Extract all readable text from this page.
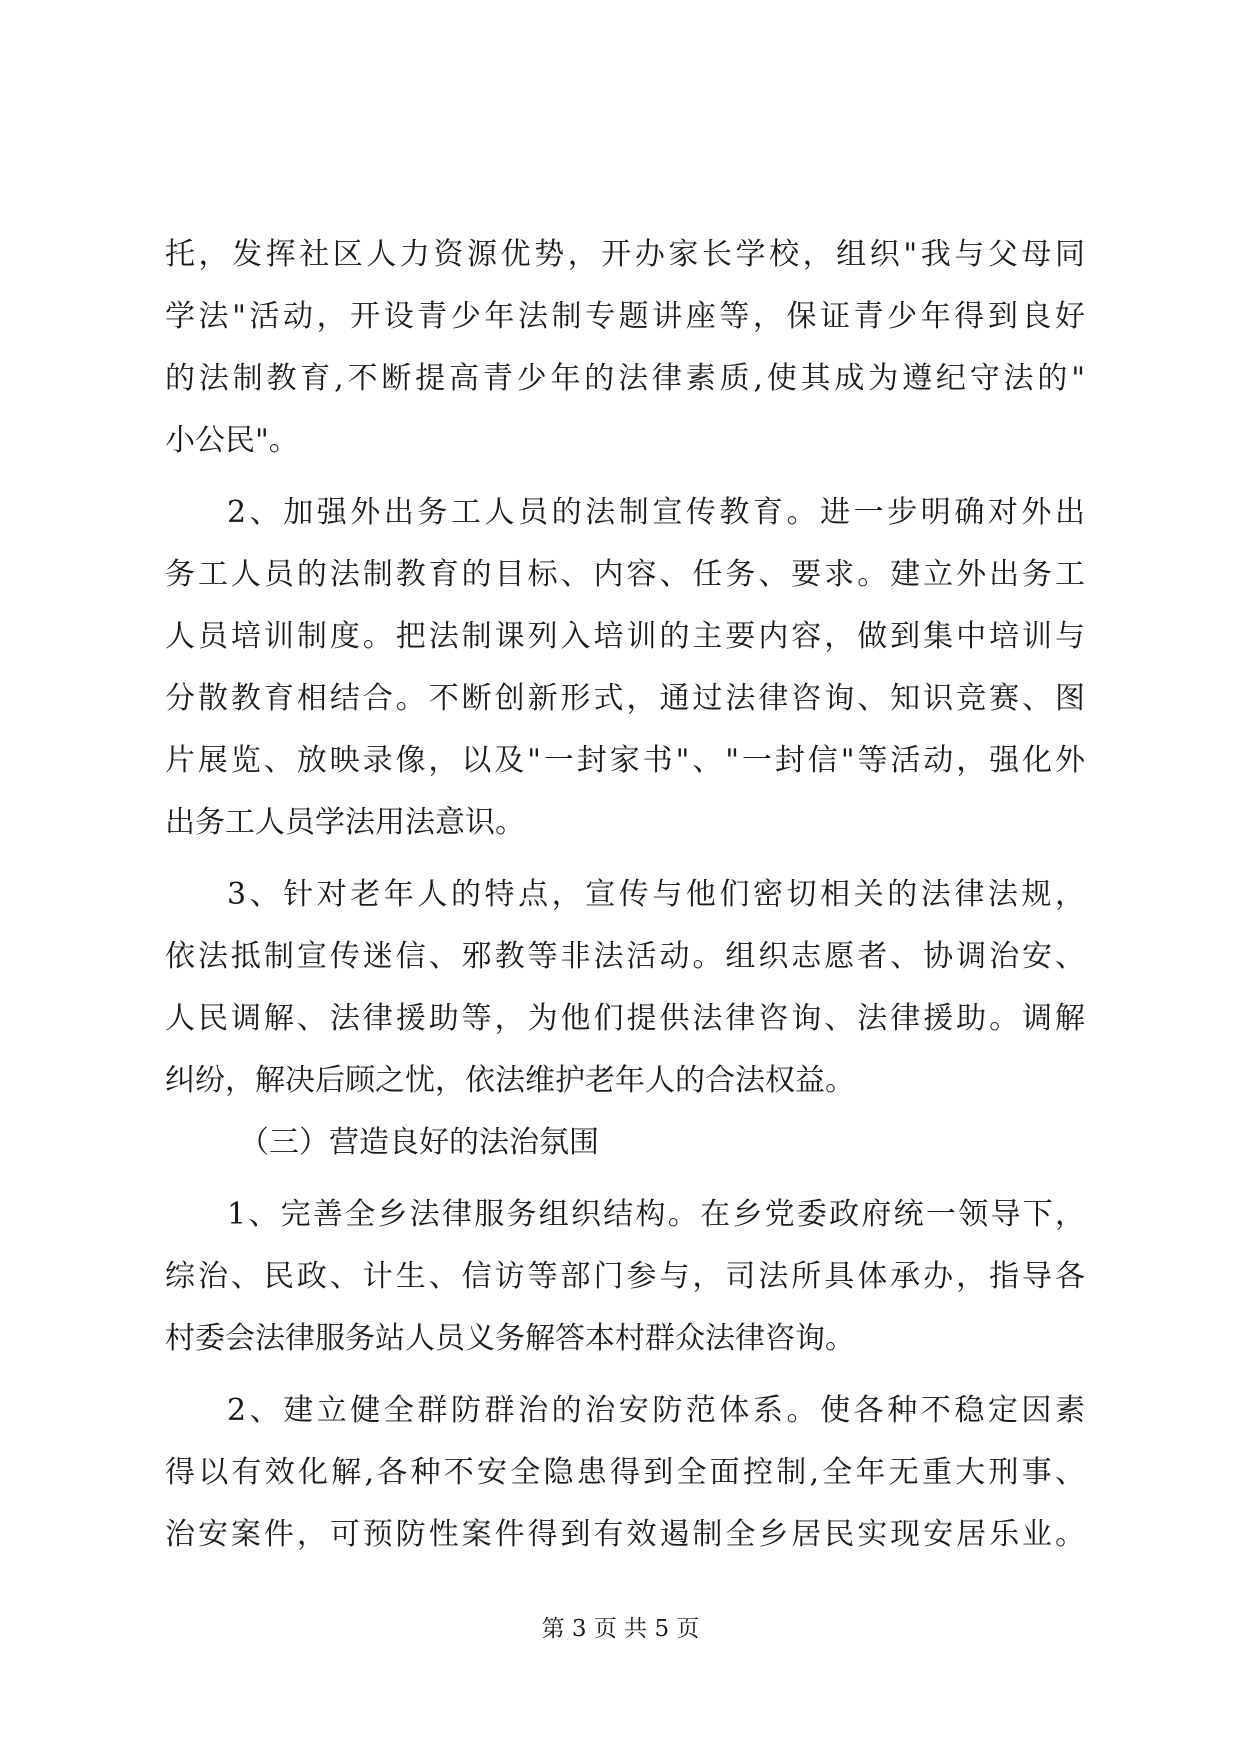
托，发挥社区人力资源优势，开办家长学校，组织"我与父母同
学法"活动，开设青少年法制专题讲座等，保证青少年得到良好
的法制教育,不断提高青少年的法律素质,使其成为遵纪守法的"
小公民"。
2、加强外出务工人员的法制宣传教育。进一步明确对外出
务工人员的法制教育的目标、内容、任务、要求。建立外出务工
人员培训制度。把法制课列入培训的主要内容，做到集中培训与
分散教育相结合。不断创新形式，通过法律咨询、知识竞赛、图
片展览、放映录像，以及"一封家书"、"一封信"等活动，强化外
出务工人员学法用法意识。
3、针对老年人的特点，宣传与他们密切相关的法律法规，
依法抵制宣传迷信、邪教等非法活动。组织志愿者、协调治安、
人民调解、法律援助等，为他们提供法律咨询、法律援助。调解
纠纷，解决后顾之忧，依法维护老年人的合法权益。
（三）营造良好的法治氛围
1、完善全乡法律服务组织结构。在乡党委政府统一领导下，
综治、民政、计生、信访等部门参与，司法所具体承办，指导各
村委会法律服务站人员义务解答本村群众法律咨询。
2、建立健全群防群治的治安防范体系。使各种不稳定因素
得以有效化解,各种不安全隐患得到全面控制,全年无重大刑事、
治安案件，可预防性案件得到有效遏制全乡居民实现安居乐业。
第 3 页 共 5 页
